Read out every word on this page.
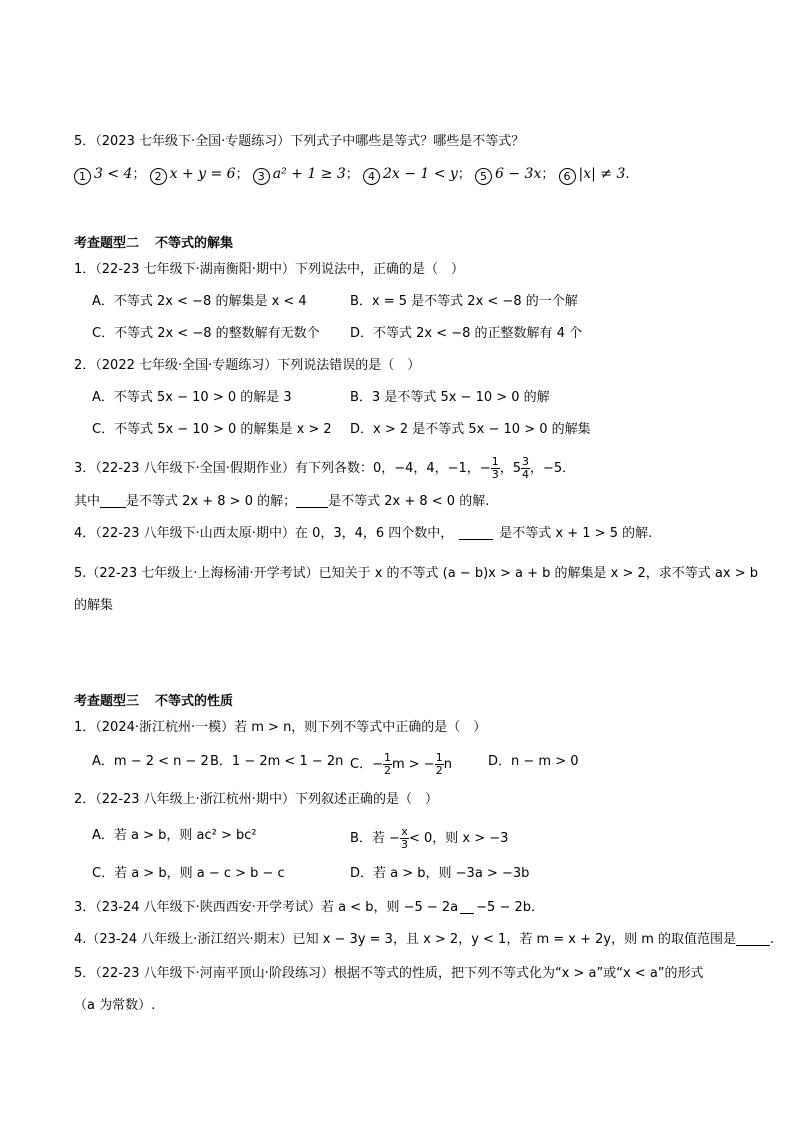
5．（2023 七年级下·全国·专题练习）下列式子中哪些是等式？哪些是不等式？
1 3 < 4； 2 x + y = 6； 3 a² + 1 ≥ 3； 4 2x − 1 < y； 5 6 − 3x； 6 |x| ≠ 3.
考查题型二 不等式的解集
1．（22-23 七年级下·湖南衡阳·期中）下列说法中，正确的是（　）
A．不等式 2x < −8 的解集是 x < 4	B．x = 5 是不等式 2x < −8 的一个解
C．不等式 2x < −8 的整数解有无数个 D．不等式 2x < −8 的正整数解有 4 个
2．（2022 七年级·全国·专题练习）下列说法错误的是（　）
A．不等式 5x − 10 > 0 的解是 3	B．3 是不等式 5x − 10 > 0 的解
C．不等式 5x − 10 > 0 的解集是 x > 2 D．x > 2 是不等式 5x − 10 > 0 的解集
3．（22-23 八年级下·全国·假期作业）有下列各数：0，−4，4，−1，− $\frac{1}{3}$ ，$5 \frac{3}{4}$ ，−5．
其中 是不等式 2x + 8 > 0 的解； 是不等式 2x + 8 < 0 的解.
4．（22-23 八年级下·山西太原·期中）在 0，3，4，6 四个数中，	是不等式 x + 1 > 5 的解.
5.（22-23 七年级上·上海杨浦·开学考试）已知关于 x 的不等式 (a − b)x > a + b 的解集是 x > 2，求不等式 ax > b
的解集
考查题型三 不等式的性质
1．（2024·浙江杭州·一模）若 m > n，则下列不等式中正确的是（　）
A．m − 2 < n − 2 B．1 − 2m < 1 − 2n C．− $\frac{1}{2}$ m > − $\frac{1}{2}$ n	D．n − m > 0
2．（22-23 八年级上·浙江杭州·期中）下列叙述正确的是（　）
A．若 a > b，则 ac² > bc²	B．若 − $\frac{x}{3} < 0$，则 x > −3
C．若 a > b，则 a − c > b − c	D．若 a > b，则 −3a > −3b
3．（23-24 八年级下·陕西西安·开学考试）若 a < b，则 −5 − 2a −5 − 2b．
4.（23-24 八年级上·浙江绍兴·期末）已知 x − 3y = 3，且 x > 2，y < 1，若 m = x + 2y，则 m 的取值范围是	.
5．（22-23 八年级下·河南平顶山·阶段练习）根据不等式的性质，把下列不等式化为“x > a”或“x < a”的形式
（a 为常数）.
